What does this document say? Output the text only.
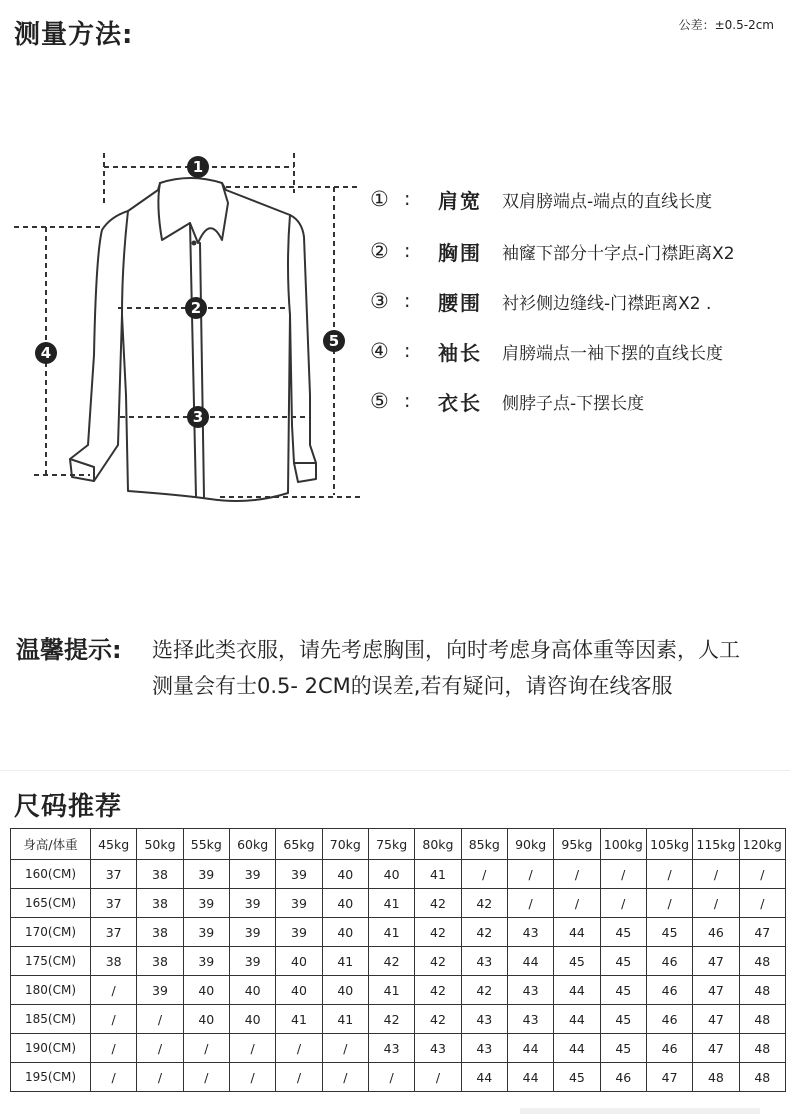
测量方法:	公差：±0.5-2cm
1
2
3
4
5
① :	肩宽	双肩膀端点-端点的直线长度
② :	胸围	袖窿下部分十字点-门襟距离X2
③ :	腰围	衬衫侧边缝线-门襟距离X2 .
④ :	袖长	肩膀端点一袖下摆的直线长度
⑤ :	衣长	侧脖子点-下摆长度
温馨提示: 选择此类衣服，请先考虑胸围，向时考虑身高体重等因素，人工测量会有士0.5- 2CM的误差,若有疑问，请咨询在线客服
尺码推荐
身高/体重	45kg	50kg	55kg	60kg	65kg	70kg	75kg	80kg	85kg	90kg	95kg	100kg	105kg	115kg	120kg
160(CM)	37	38	39	39	39	40	40	41	/	/	/	/	/	/	/
165(CM)	37	38	39	39	39	40	41	42	42	/	/	/	/	/	/
170(CM)	37	38	39	39	39	40	41	42	42	43	44	45	45	46	47
175(CM)	38	38	39	39	40	41	42	42	43	44	45	45	46	47	48
180(CM)	/	39	40	40	40	40	41	42	42	43	44	45	46	47	48
185(CM)	/	/	40	40	41	41	42	42	43	43	44	45	46	47	48
190(CM)	/	/	/	/	/	/	43	43	43	44	44	45	46	47	48
195(CM)	/	/	/	/	/	/	/	/	44	44	45	46	47	48	48
